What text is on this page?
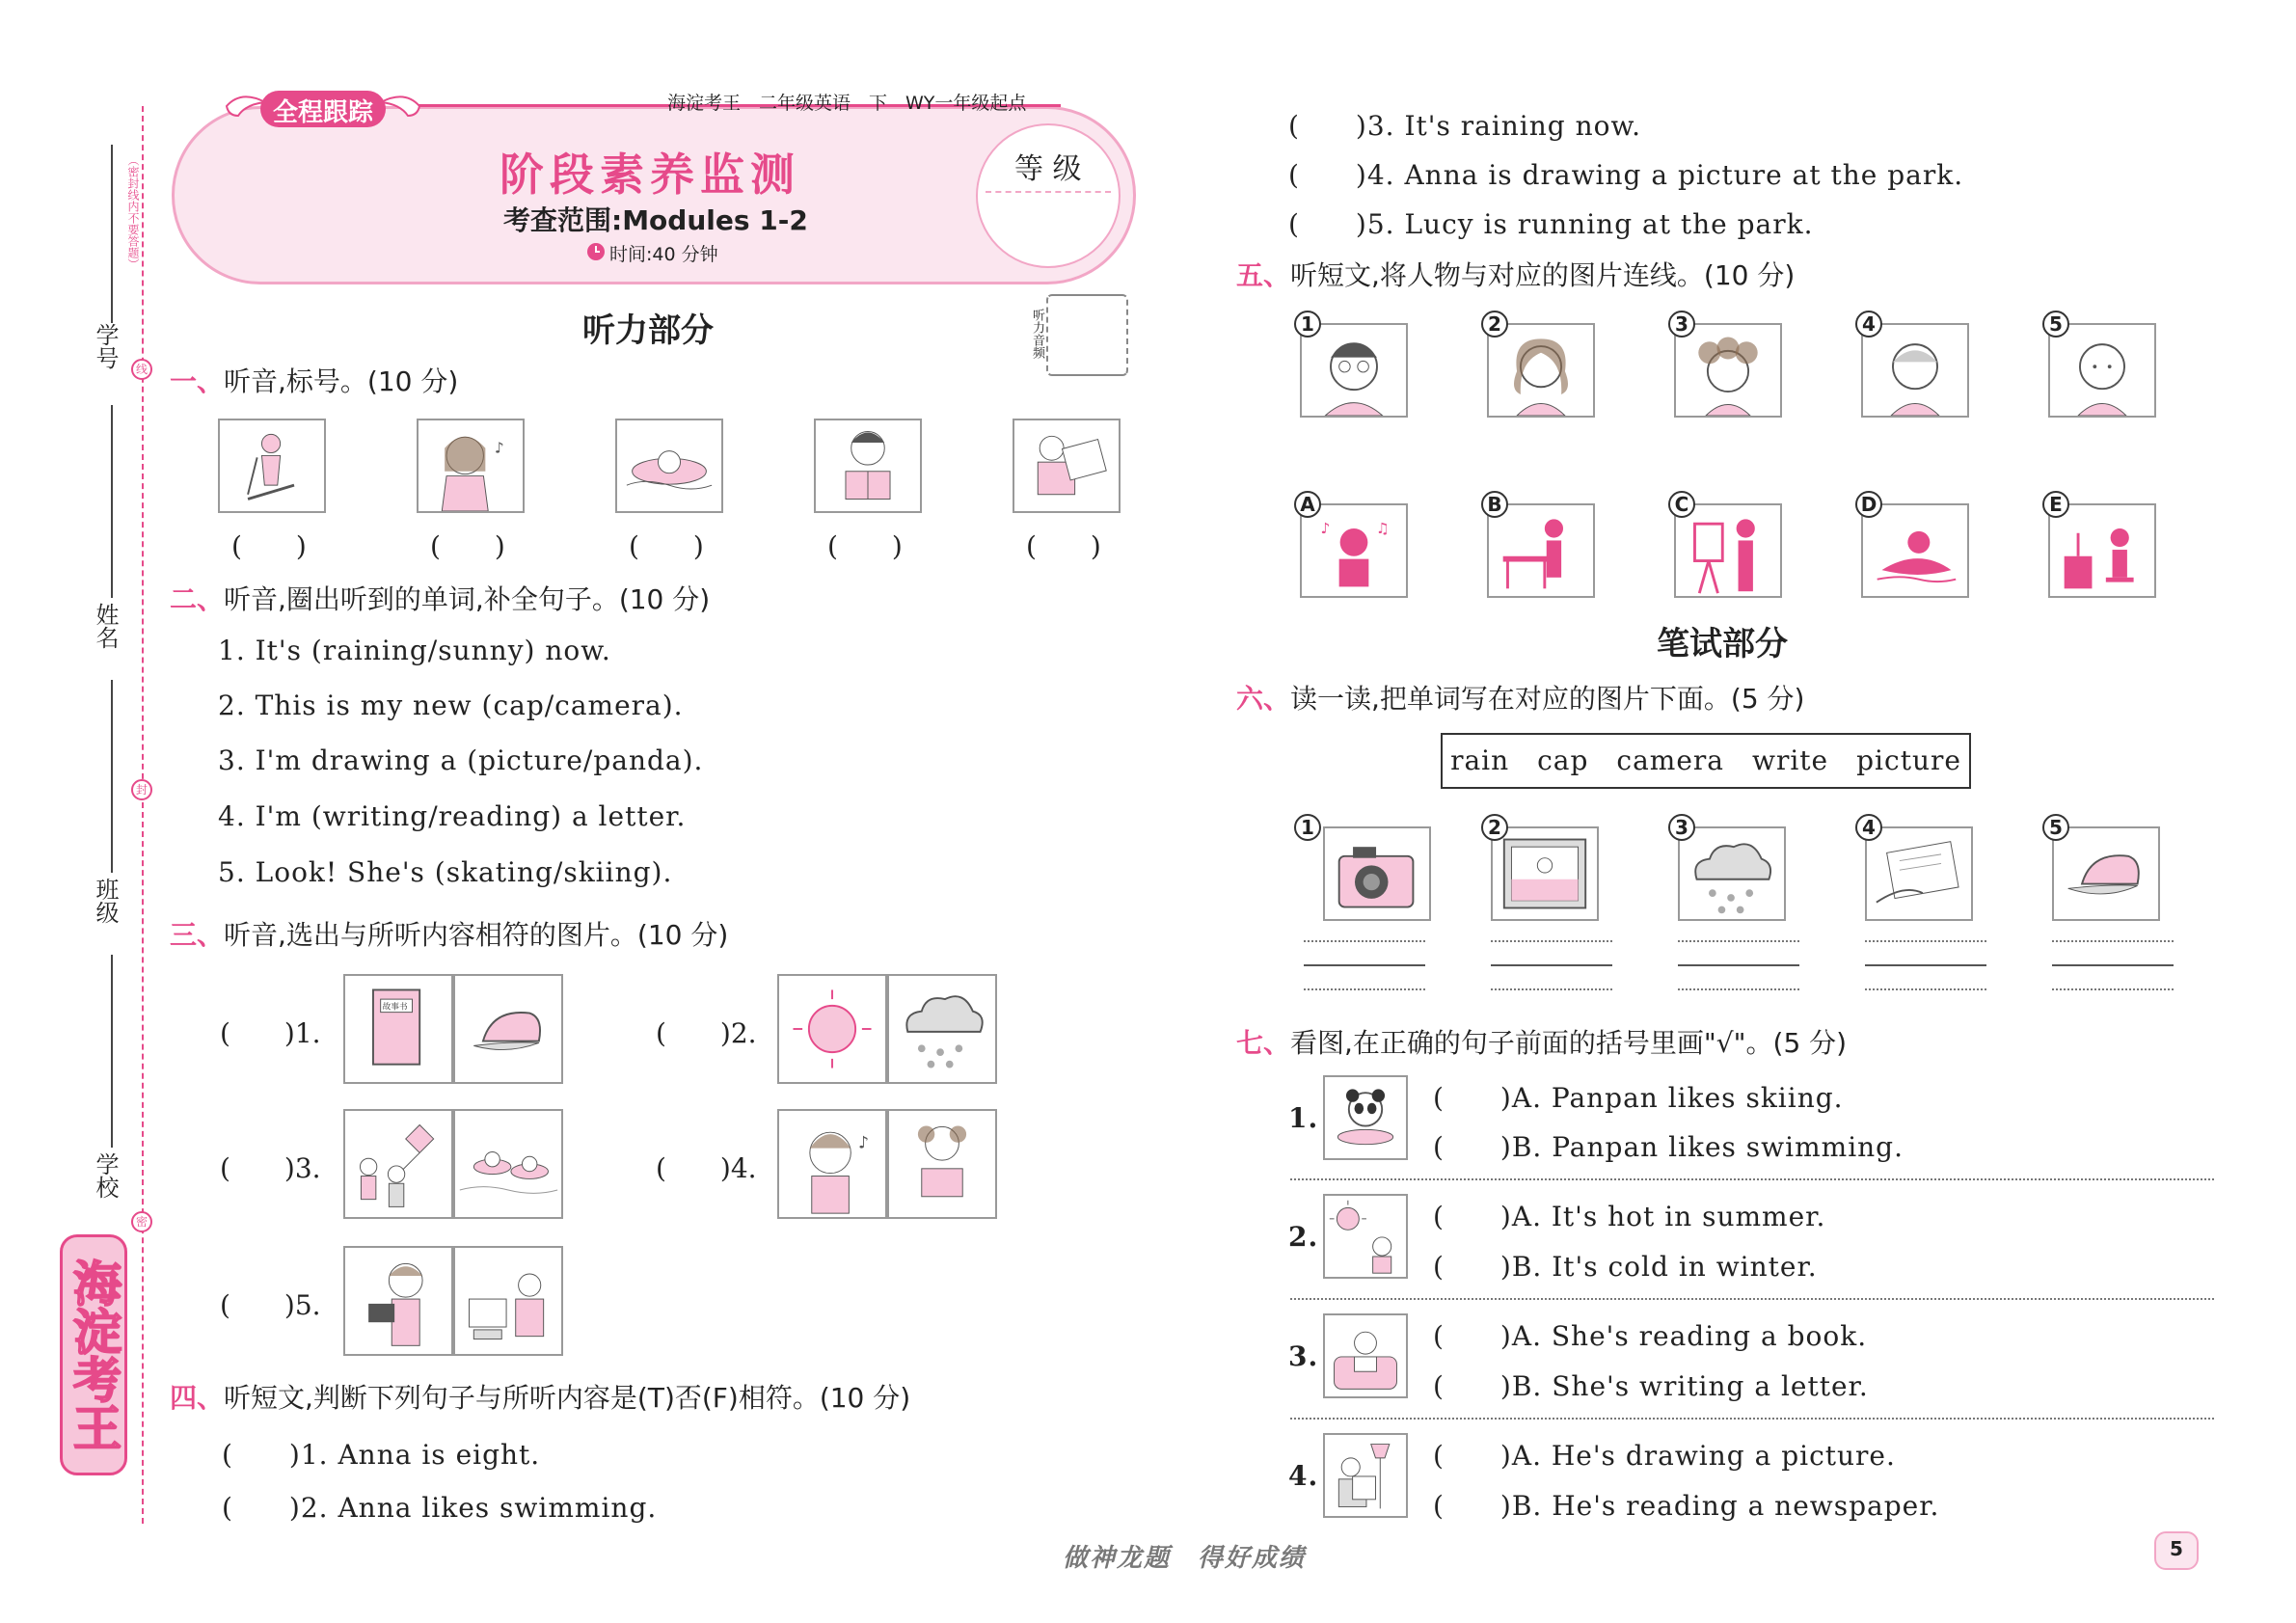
学号
（密封线内不要答题）
姓名
班级
学校
线
封
密
海淀考王
全程跟踪	海淀考王　二年级英语　下　WY一年级起点
阶段素养监测
考查范围:Modules 1-2
时间:40 分钟
等 级
听力部分	听力音频
一、听音,标号。(10 分)
♪
(　　)	(　　)	(　　)	(　　)	(　　)
二、听音,圈出听到的单词,补全句子。(10 分)
1. It's (raining/sunny) now.
2. This is my new (cap/camera).
3. I'm drawing a (picture/panda).
4. I'm (writing/reading) a letter.
5. Look! She's (skating/skiing).
三、听音,选出与所听内容相符的图片。(10 分)
(　　)1.
故事书
(　　)2.
(　　)3.	(　　)4.
♪
(　　)5.
四、听短文,判断下列句子与所听内容是(T)否(F)相符。(10 分)
(　　)1. Anna is eight.
(　　)2. Anna likes swimming.
(　　)3. It's raining now.
(　　)4. Anna is drawing a picture at the park.
(　　)5. Lucy is running at the park.
五、听短文,将人物与对应的图片连线。(10 分)
1	2	3	4	5
♪	♫
A	B	C	D	E
笔试部分
六、读一读,把单词写在对应的图片下面。(5 分)
rain　cap　camera　write　picture
1	2	3	4	5
七、看图,在正确的句子前面的括号里画"√"。(5 分)
1.
(　　)A. Panpan likes skiing.
(　　)B. Panpan likes swimming.
2.
(　　)A. It's hot in summer.
(　　)B. It's cold in winter.
3.
(　　)A. She's reading a book.
(　　)B. She's writing a letter.
4.
(　　)A. He's drawing a picture.
(　　)B. He's reading a newspaper.
做神龙题　得好成绩	5
